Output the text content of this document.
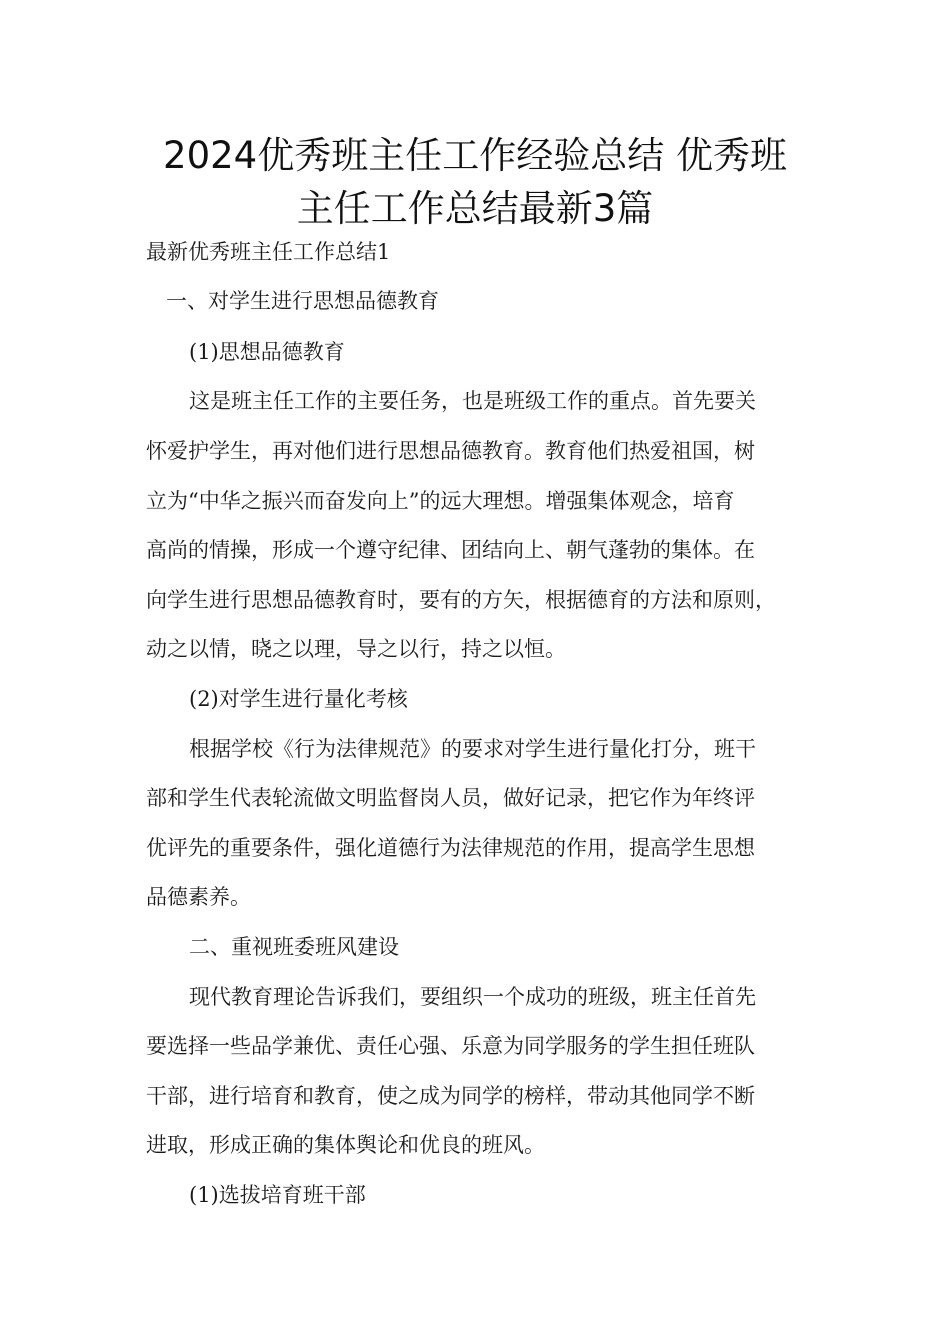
2024优秀班主任工作经验总结 优秀班
主任工作总结最新3篇

最新优秀班主任工作总结1

一、对学生进行思想品德教育

(1)思想品德教育

这是班主任工作的主要任务，也是班级工作的重点。首先要关

怀爱护学生，再对他们进行思想品德教育。教育他们热爱祖国，树

立为“中华之振兴而奋发向上”的远大理想。增强集体观念，培育

高尚的情操，形成一个遵守纪律、团结向上、朝气蓬勃的集体。在

向学生进行思想品德教育时，要有的方矢，根据德育的方法和原则，

动之以情，晓之以理，导之以行，持之以恒。

(2)对学生进行量化考核

根据学校《行为法律规范》的要求对学生进行量化打分，班干

部和学生代表轮流做文明监督岗人员，做好记录，把它作为年终评

优评先的重要条件，强化道德行为法律规范的作用，提高学生思想

品德素养。

二、重视班委班风建设

现代教育理论告诉我们，要组织一个成功的班级，班主任首先

要选择一些品学兼优、责任心强、乐意为同学服务的学生担任班队

干部，进行培育和教育，使之成为同学的榜样，带动其他同学不断

进取，形成正确的集体舆论和优良的班风。

(1)选拔培育班干部
